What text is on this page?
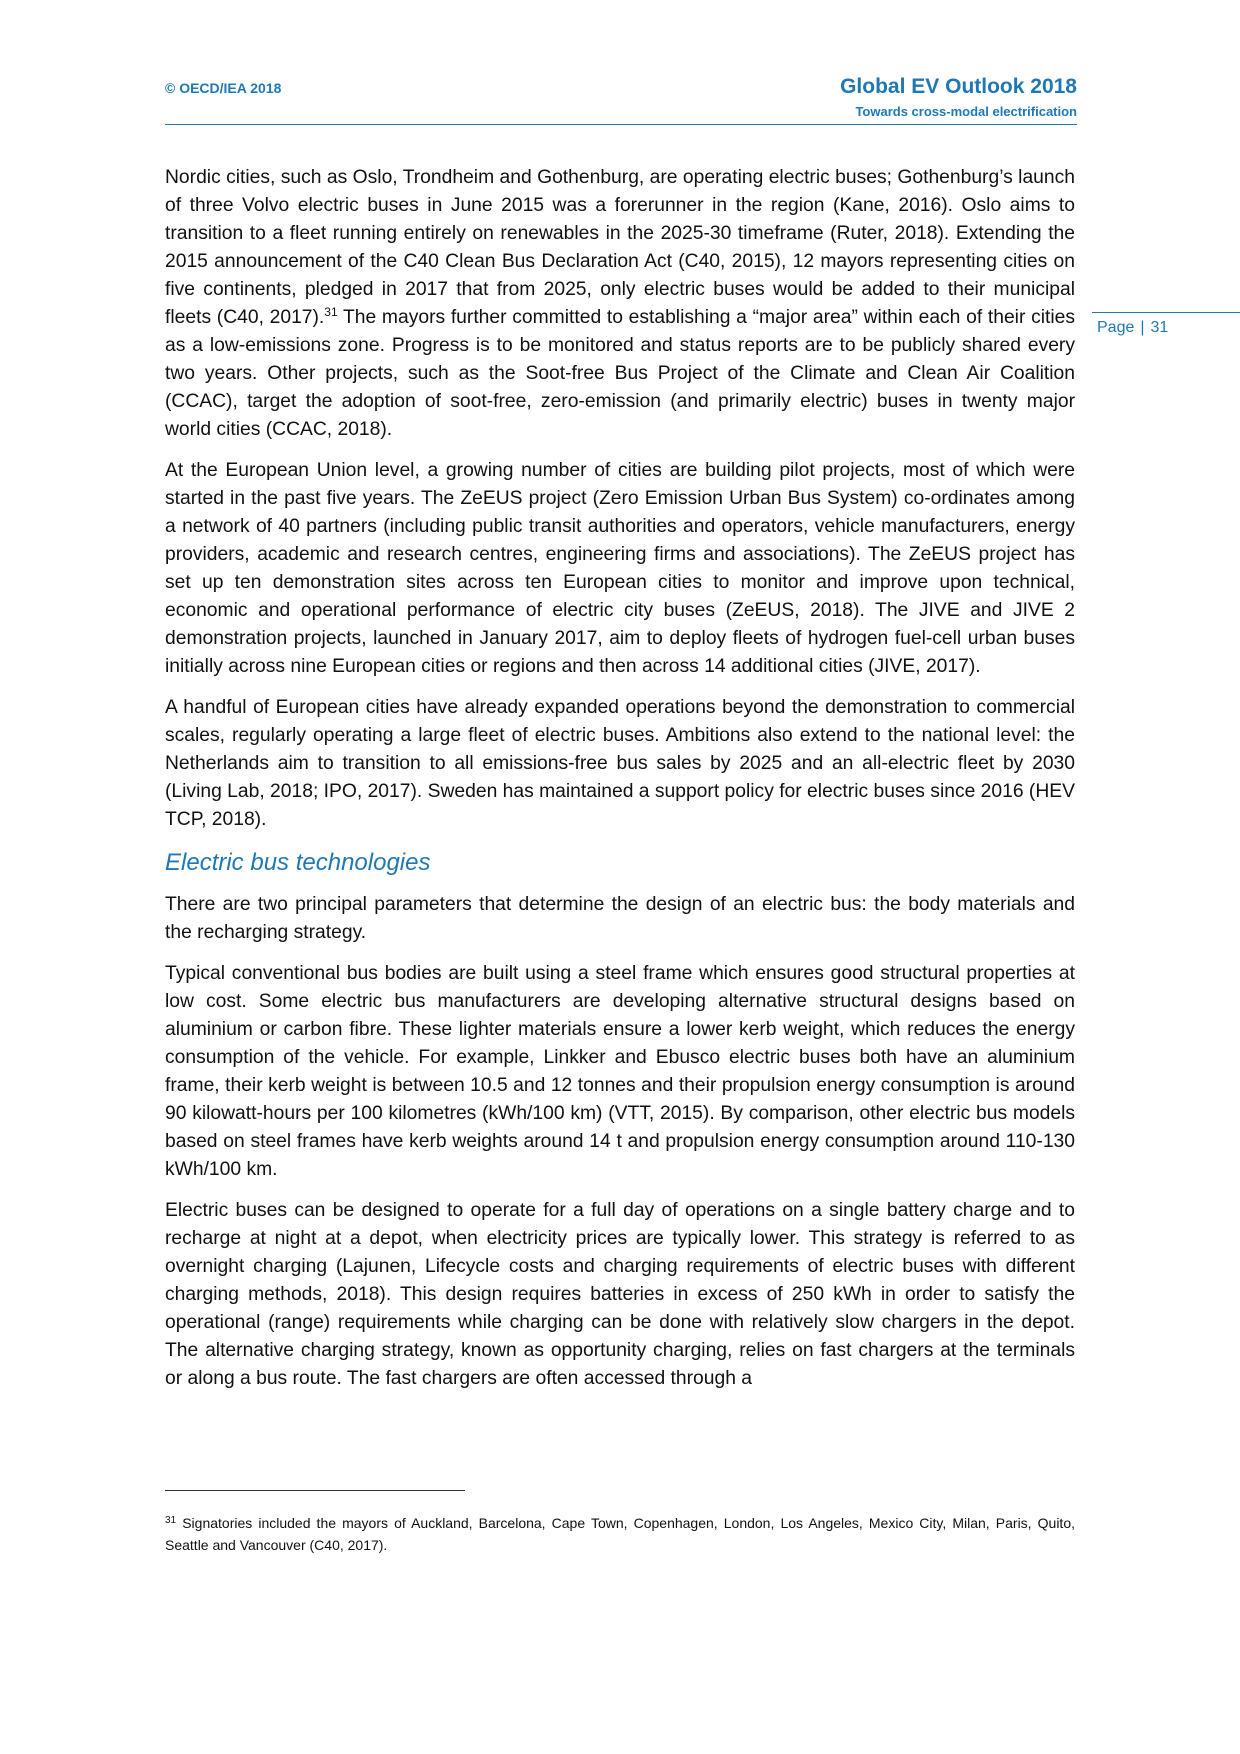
© OECD/IEA 2018	Global EV Outlook 2018
Towards cross-modal electrification
Page | 31

Nordic cities, such as Oslo, Trondheim and Gothenburg, are operating electric buses; Gothenburg’s launch of three Volvo electric buses in June 2015 was a forerunner in the region (Kane, 2016). Oslo aims to transition to a fleet running entirely on renewables in the 2025-30 timeframe (Ruter, 2018). Extending the 2015 announcement of the C40 Clean Bus Declaration Act (C40, 2015), 12 mayors representing cities on five continents, pledged in 2017 that from 2025, only electric buses would be added to their municipal fleets (C40, 2017).$^{31}$ The mayors further committed to establishing a “major area” within each of their cities as a low-emissions zone. Progress is to be monitored and status reports are to be publicly shared every two years. Other projects, such as the Soot-free Bus Project of the Climate and Clean Air Coalition (CCAC), target the adoption of soot-free, zero-emission (and primarily electric) buses in twenty major world cities (CCAC, 2018).

At the European Union level, a growing number of cities are building pilot projects, most of which were started in the past five years. The ZeEUS project (Zero Emission Urban Bus System) co-ordinates among a network of 40 partners (including public transit authorities and operators, vehicle manufacturers, energy providers, academic and research centres, engineering firms and associations). The ZeEUS project has set up ten demonstration sites across ten European cities to monitor and improve upon technical, economic and operational performance of electric city buses (ZeEUS, 2018). The JIVE and JIVE 2 demonstration projects, launched in January 2017, aim to deploy fleets of hydrogen fuel-cell urban buses initially across nine European cities or regions and then across 14 additional cities (JIVE, 2017).

A handful of European cities have already expanded operations beyond the demonstration to commercial scales, regularly operating a large fleet of electric buses. Ambitions also extend to the national level: the Netherlands aim to transition to all emissions-free bus sales by 2025 and an all-electric fleet by 2030 (Living Lab, 2018; IPO, 2017). Sweden has maintained a support policy for electric buses since 2016 (HEV TCP, 2018).

Electric bus technologies

There are two principal parameters that determine the design of an electric bus: the body materials and the recharging strategy.

Typical conventional bus bodies are built using a steel frame which ensures good structural properties at low cost. Some electric bus manufacturers are developing alternative structural designs based on aluminium or carbon fibre. These lighter materials ensure a lower kerb weight, which reduces the energy consumption of the vehicle. For example, Linkker and Ebusco electric buses both have an aluminium frame, their kerb weight is between 10.5 and 12 tonnes and their propulsion energy consumption is around 90 kilowatt-hours per 100 kilometres (kWh/100 km) (VTT, 2015). By comparison, other electric bus models based on steel frames have kerb weights around 14 t and propulsion energy consumption around 110-130 kWh/100 km.

Electric buses can be designed to operate for a full day of operations on a single battery charge and to recharge at night at a depot, when electricity prices are typically lower. This strategy is referred to as overnight charging (Lajunen, Lifecycle costs and charging requirements of electric buses with different charging methods, 2018). This design requires batteries in excess of 250 kWh in order to satisfy the operational (range) requirements while charging can be done with relatively slow chargers in the depot. The alternative charging strategy, known as opportunity charging, relies on fast chargers at the terminals or along a bus route. The fast chargers are often accessed through a

$^{31}$ Signatories included the mayors of Auckland, Barcelona, Cape Town, Copenhagen, London, Los Angeles, Mexico City, Milan, Paris, Quito, Seattle and Vancouver (C40, 2017).
